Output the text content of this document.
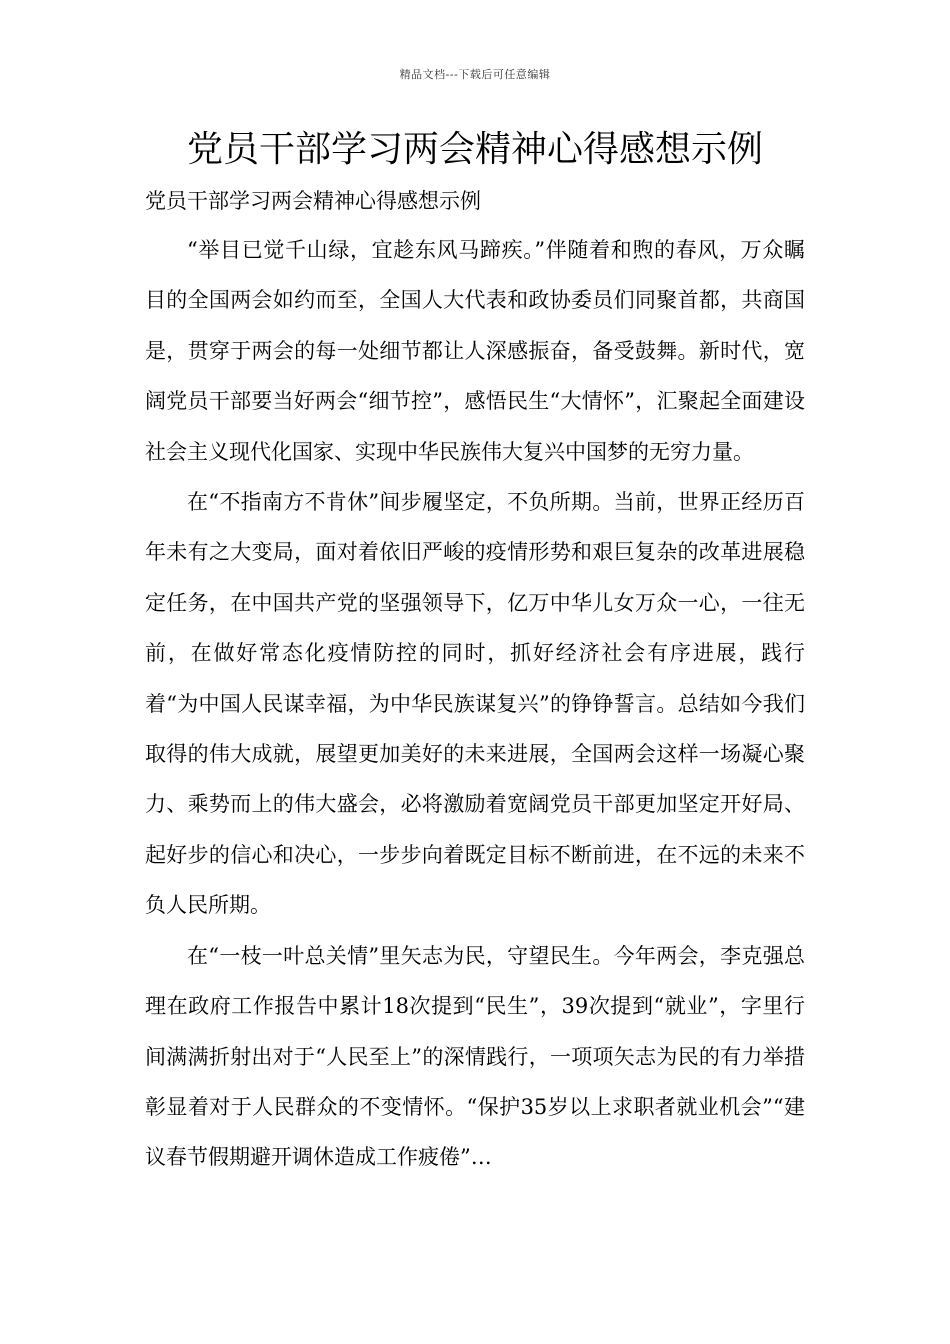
精品文档---下载后可任意编辑
党员干部学习两会精神心得感想示例

党员干部学习两会精神心得感想示例

“举目已觉千山绿，宜趁东风马蹄疾。”伴随着和煦的春风，万众瞩目的全国两会如约而至，全国人大代表和政协委员们同聚首都，共商国是，贯穿于两会的每一处细节都让人深感振奋，备受鼓舞。新时代，宽阔党员干部要当好两会“细节控”，感悟民生“大情怀”，汇聚起全面建设社会主义现代化国家、实现中华民族伟大复兴中国梦的无穷力量。

在“不指南方不肯休”间步履坚定，不负所期。当前，世界正经历百年未有之大变局，面对着依旧严峻的疫情形势和艰巨复杂的改革进展稳定任务，在中国共产党的坚强领导下，亿万中华儿女万众一心，一往无前，在做好常态化疫情防控的同时，抓好经济社会有序进展，践行着“为中国人民谋幸福，为中华民族谋复兴”的铮铮誓言。总结如今我们取得的伟大成就，展望更加美好的未来进展，全国两会这样一场凝心聚力、乘势而上的伟大盛会，必将激励着宽阔党员干部更加坚定开好局、起好步的信心和决心，一步步向着既定目标不断前进，在不远的未来不负人民所期。

在“一枝一叶总关情”里矢志为民，守望民生。今年两会，李克强总理在政府工作报告中累计18次提到“民生”，39次提到“就业”，字里行间满满折射出对于“人民至上”的深情践行，一项项矢志为民的有力举措彰显着对于人民群众的不变情怀。“保护35岁以上求职者就业机会”“建议春节假期避开调休造成工作疲倦”…
